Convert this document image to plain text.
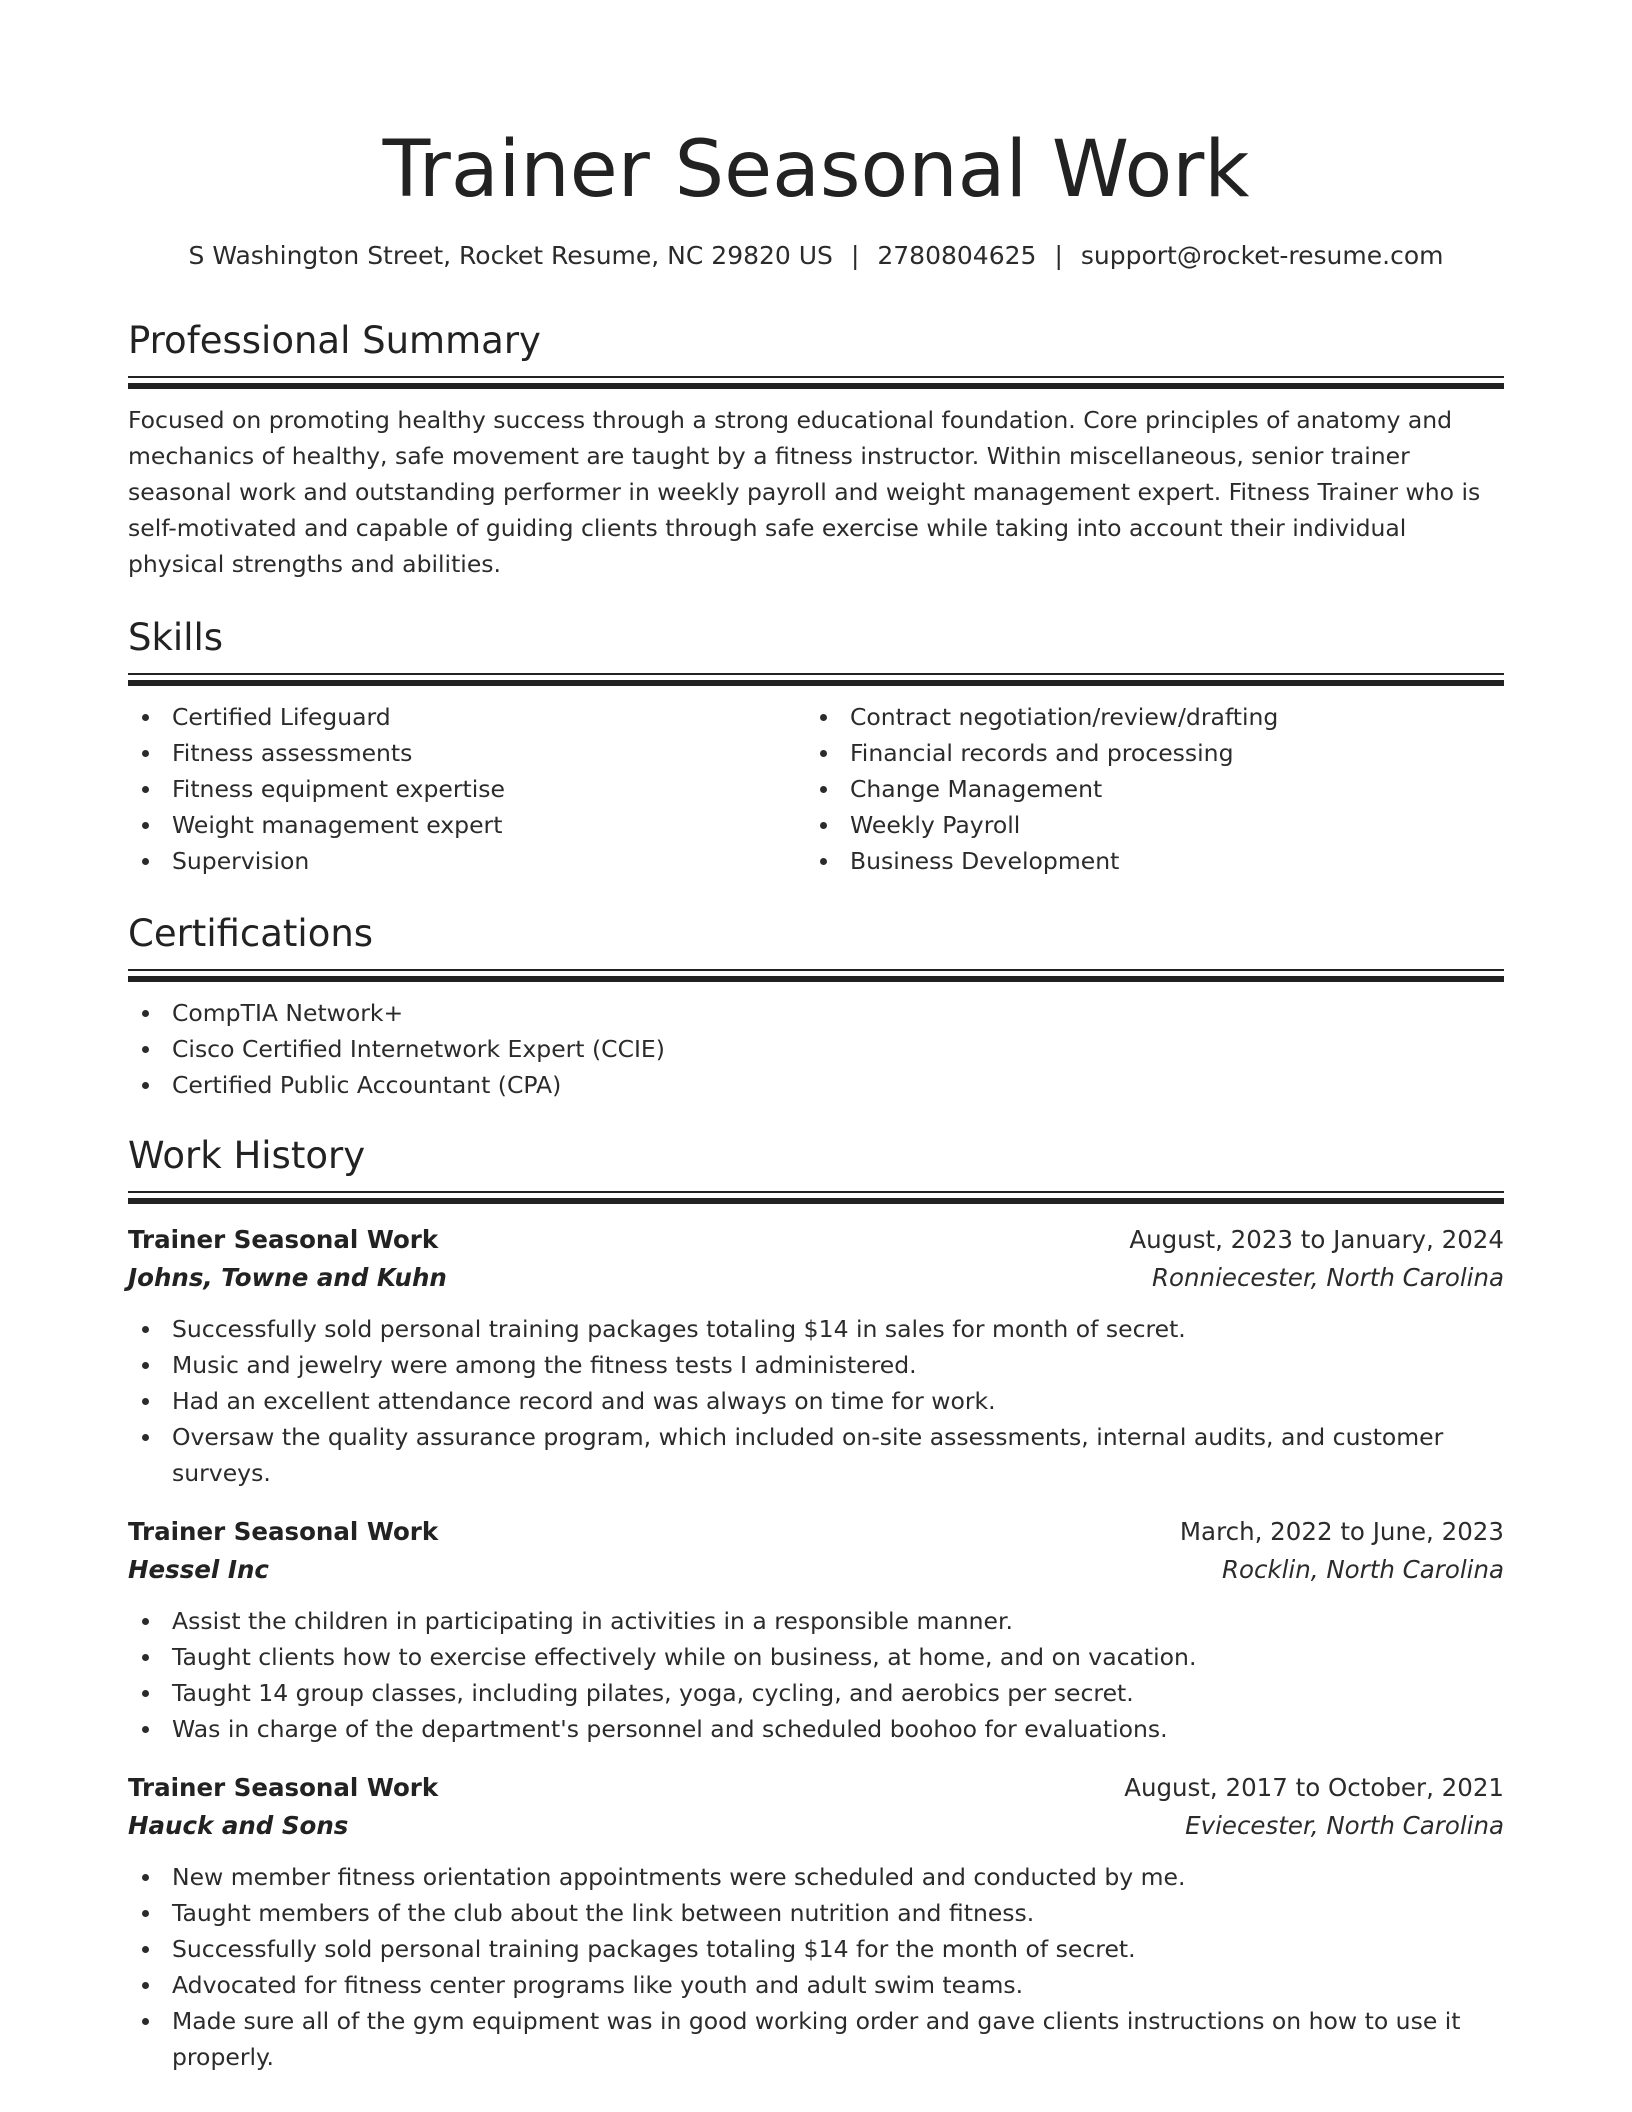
Trainer Seasonal Work
S Washington Street, Rocket Resume, NC 29820 US | 2780804625 | support@rocket-resume.com
Professional Summary

Focused on promoting healthy success through a strong educational foundation. Core principles of anatomy and mechanics of healthy, safe movement are taught by a fitness instructor. Within miscellaneous, senior trainer seasonal work and outstanding performer in weekly payroll and weight management expert. Fitness Trainer who is self-motivated and capable of guiding clients through safe exercise while taking into account their individual physical strengths and abilities.

Skills
Certified Lifeguard
Fitness assessments
Fitness equipment expertise
Weight management expert
Supervision
Contract negotiation/review/drafting
Financial records and processing
Change Management
Weekly Payroll
Business Development
Certifications
CompTIA Network+
Cisco Certified Internetwork Expert (CCIE)
Certified Public Accountant (CPA)
Work History
Trainer Seasonal Work	August, 2023 to January, 2024
Johns, Towne and Kuhn	Ronniecester, North Carolina
Successfully sold personal training packages totaling $14 in sales for month of secret.
Music and jewelry were among the fitness tests I administered.
Had an excellent attendance record and was always on time for work.
Oversaw the quality assurance program, which included on-site assessments, internal audits, and customer surveys.
Trainer Seasonal Work	March, 2022 to June, 2023
Hessel Inc	Rocklin, North Carolina
Assist the children in participating in activities in a responsible manner.
Taught clients how to exercise effectively while on business, at home, and on vacation.
Taught 14 group classes, including pilates, yoga, cycling, and aerobics per secret.
Was in charge of the department's personnel and scheduled boohoo for evaluations.
Trainer Seasonal Work	August, 2017 to October, 2021
Hauck and Sons	Eviecester, North Carolina
New member fitness orientation appointments were scheduled and conducted by me.
Taught members of the club about the link between nutrition and fitness.
Successfully sold personal training packages totaling $14 for the month of secret.
Advocated for fitness center programs like youth and adult swim teams.
Made sure all of the gym equipment was in good working order and gave clients instructions on how to use it properly.
